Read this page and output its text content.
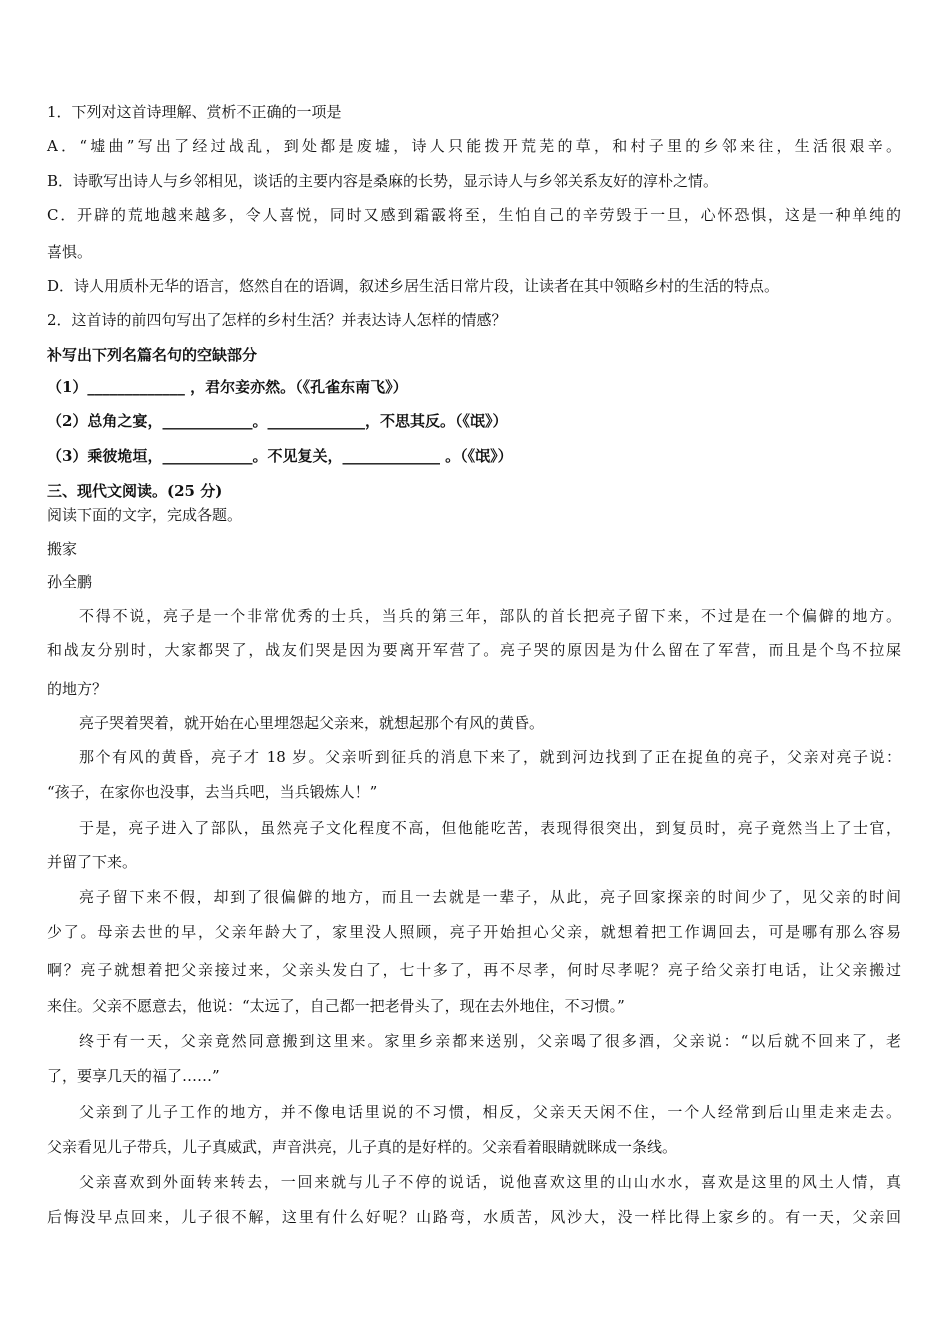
1．下列对这首诗理解、赏析不正确的一项是
A．“墟曲”写出了经过战乱，到处都是废墟，诗人只能拨开荒芜的草，和村子里的乡邻来往，生活很艰辛。
B．诗歌写出诗人与乡邻相见，谈话的主要内容是桑麻的长势，显示诗人与乡邻关系友好的淳朴之情。
C．开辟的荒地越来越多，令人喜悦，同时又感到霜霰将至，生怕自己的辛劳毁于一旦，心怀恐惧，这是一种单纯的
喜惧。
D．诗人用质朴无华的语言，悠然自在的语调，叙述乡居生活日常片段，让读者在其中领略乡村的生活的特点。
2．这首诗的前四句写出了怎样的乡村生活？并表达诗人怎样的情感？
补写出下列名篇名句的空缺部分
（1）_____________ ，君尔妾亦然。（《孔雀东南飞》）
（2）总角之宴，____________。_____________，不思其反。（《氓》）
（3）乘彼垝垣，____________。不见复关，_____________ 。（《氓》）
三、现代文阅读。(25 分)
阅读下面的文字，完成各题。
搬家
孙全鹏
不得不说，亮子是一个非常优秀的士兵，当兵的第三年，部队的首长把亮子留下来，不过是在一个偏僻的地方。
和战友分别时，大家都哭了，战友们哭是因为要离开军营了。亮子哭的原因是为什么留在了军营，而且是个鸟不拉屎
的地方？
亮子哭着哭着，就开始在心里埋怨起父亲来，就想起那个有风的黄昏。
那个有风的黄昏，亮子才 18 岁。父亲听到征兵的消息下来了，就到河边找到了正在捉鱼的亮子，父亲对亮子说：
“孩子，在家你也没事，去当兵吧，当兵锻炼人！”
于是，亮子进入了部队，虽然亮子文化程度不高，但他能吃苦，表现得很突出，到复员时，亮子竟然当上了士官，
并留了下来。
亮子留下来不假，却到了很偏僻的地方，而且一去就是一辈子，从此，亮子回家探亲的时间少了，见父亲的时间
少了。母亲去世的早，父亲年龄大了，家里没人照顾，亮子开始担心父亲，就想着把工作调回去，可是哪有那么容易
啊？亮子就想着把父亲接过来，父亲头发白了，七十多了，再不尽孝，何时尽孝呢？亮子给父亲打电话，让父亲搬过
来住。父亲不愿意去，他说：“太远了，自己都一把老骨头了，现在去外地住，不习惯。”
终于有一天，父亲竟然同意搬到这里来。家里乡亲都来送别，父亲喝了很多酒，父亲说：“以后就不回来了，老
了，要享几天的福了……”
父亲到了儿子工作的地方，并不像电话里说的不习惯，相反，父亲天天闲不住，一个人经常到后山里走来走去。
父亲看见儿子带兵，儿子真威武，声音洪亮，儿子真的是好样的。父亲看着眼睛就眯成一条线。
父亲喜欢到外面转来转去，一回来就与儿子不停的说话，说他喜欢这里的山山水水，喜欢是这里的风土人情，真
后悔没早点回来，儿子很不解，这里有什么好呢？山路弯，水质苦，风沙大，没一样比得上家乡的。有一天，父亲回
